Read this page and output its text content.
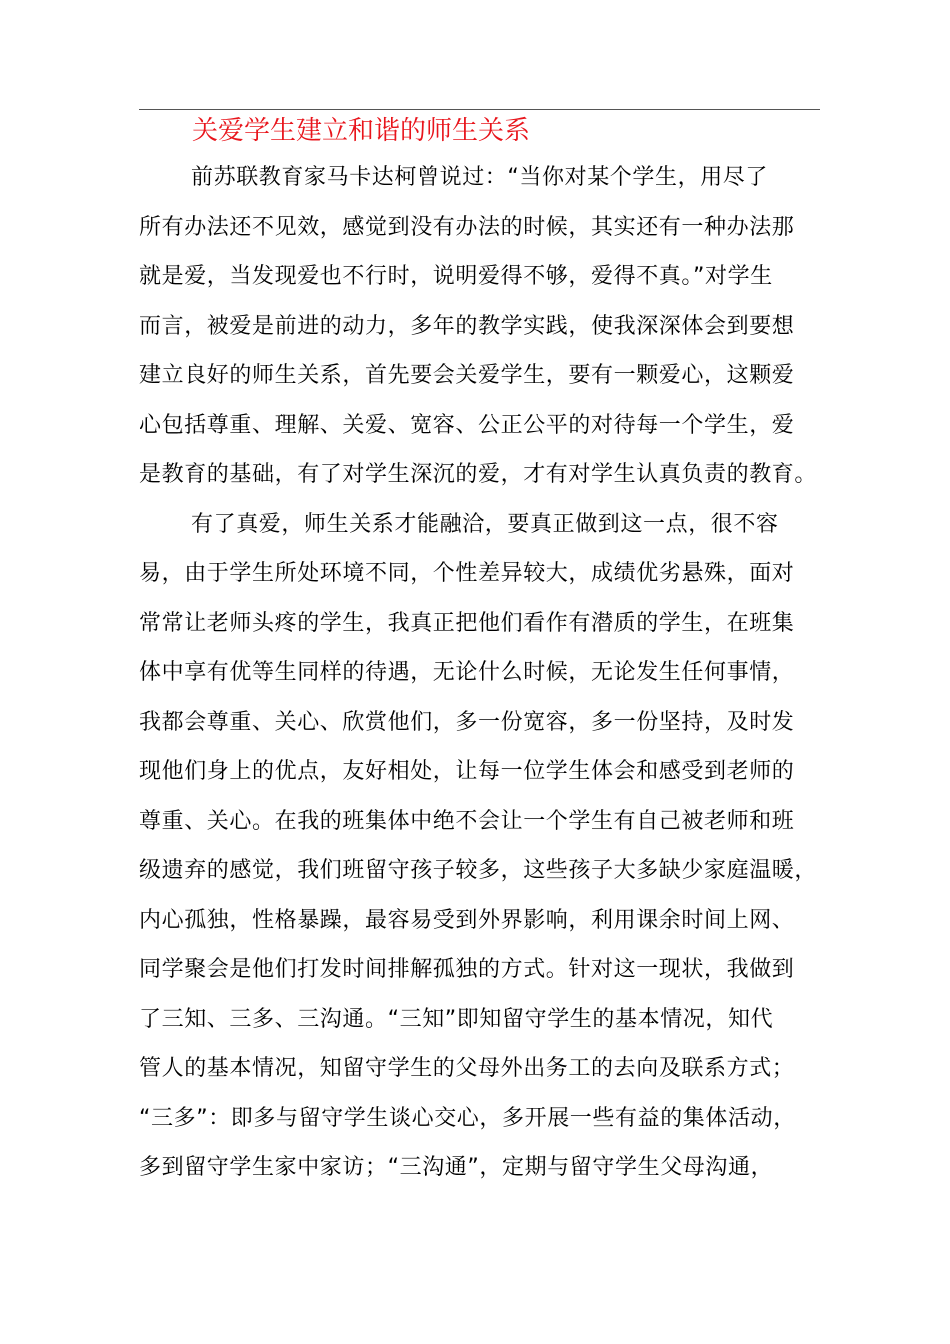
关爱学生建立和谐的师生关系
前苏联教育家马卡达柯曾说过：“当你对某个学生，用尽了
所有办法还不见效，感觉到没有办法的时候，其实还有一种办法那
就是爱，当发现爱也不行时，说明爱得不够，爱得不真。”对学生
而言，被爱是前进的动力，多年的教学实践，使我深深体会到要想
建立良好的师生关系，首先要会关爱学生，要有一颗爱心，这颗爱
心包括尊重、理解、关爱、宽容、公正公平的对待每一个学生，爱
是教育的基础，有了对学生深沉的爱，才有对学生认真负责的教育。
有了真爱，师生关系才能融洽，要真正做到这一点，很不容
易，由于学生所处环境不同，个性差异较大，成绩优劣悬殊，面对
常常让老师头疼的学生，我真正把他们看作有潜质的学生，在班集
体中享有优等生同样的待遇，无论什么时候，无论发生任何事情，
我都会尊重、关心、欣赏他们，多一份宽容，多一份坚持，及时发
现他们身上的优点，友好相处，让每一位学生体会和感受到老师的
尊重、关心。在我的班集体中绝不会让一个学生有自己被老师和班
级遗弃的感觉，我们班留守孩子较多，这些孩子大多缺少家庭温暖，
内心孤独，性格暴躁，最容易受到外界影响，利用课余时间上网、
同学聚会是他们打发时间排解孤独的方式。针对这一现状，我做到
了三知、三多、三沟通。“三知”即知留守学生的基本情况，知代
管人的基本情况，知留守学生的父母外出务工的去向及联系方式；
“三多”：即多与留守学生谈心交心，多开展一些有益的集体活动，
多到留守学生家中家访；“三沟通”，定期与留守学生父母沟通，
